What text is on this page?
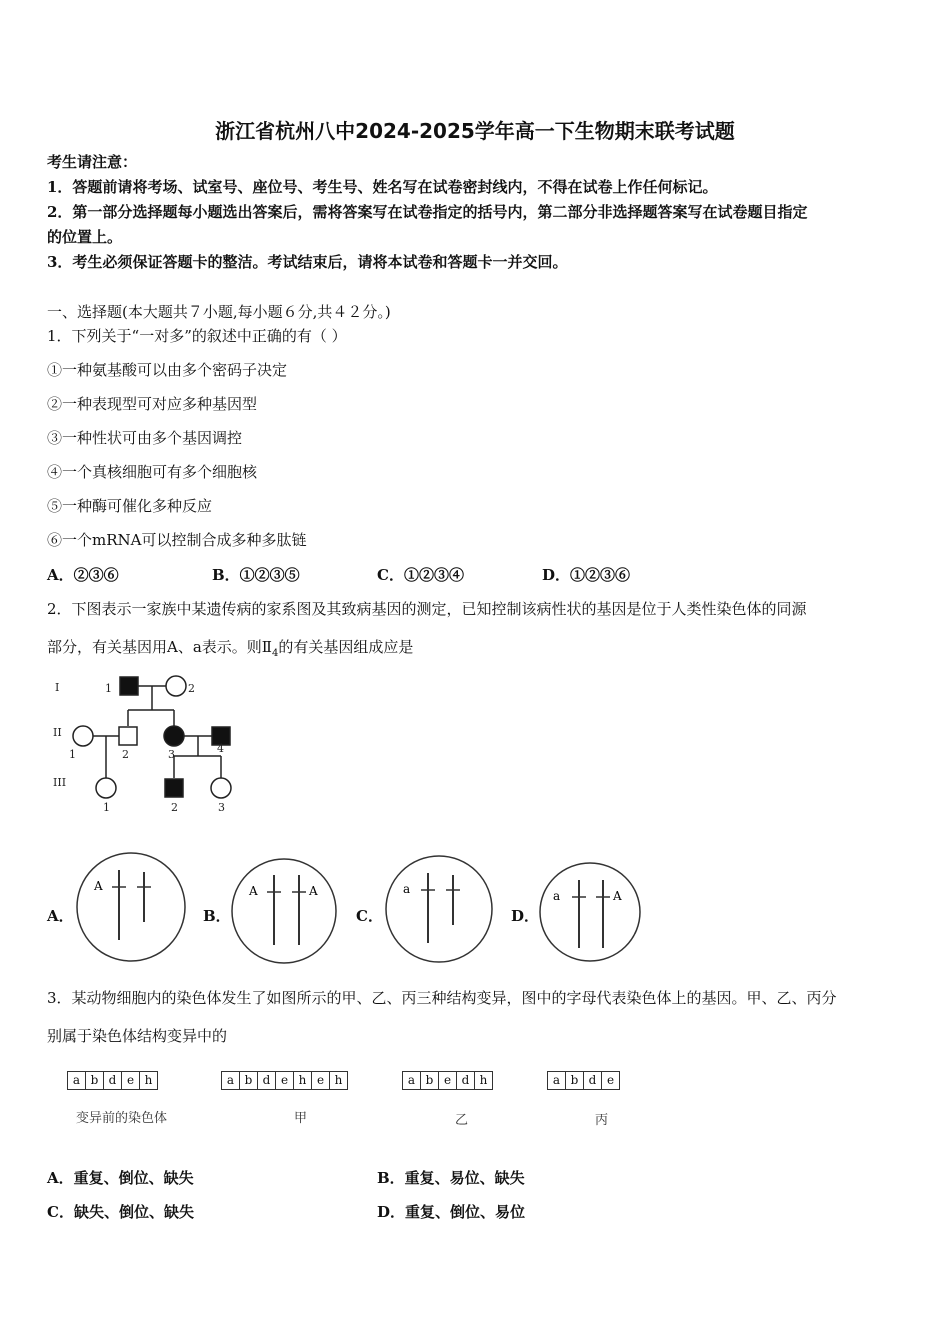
浙江省杭州八中2024-2025学年高一下生物期末联考试题
考生请注意：
1．答题前请将考场、试室号、座位号、考生号、姓名写在试卷密封线内，不得在试卷上作任何标记。
2．第一部分选择题每小题选出答案后，需将答案写在试卷指定的括号内，第二部分非选择题答案写在试卷题目指定
的位置上。
3．考生必须保证答题卡的整洁。考试结束后，请将本试卷和答题卡一并交回。
一、选择题(本大题共７小题,每小题６分,共４２分。)
1．下列关于“一对多”的叙述中正确的有（ ）
①一种氨基酸可以由多个密码子决定
②一种表现型可对应多种基因型
③一种性状可由多个基因调控
④一个真核细胞可有多个细胞核
⑤一种酶可催化多种反应
⑥一个mRNA可以控制合成多种多肽链
A．②③⑥	B．①②③⑤	C．①②③④	D．①②③⑥
2．下图表示一家族中某遗传病的家系图及其致病基因的测定，已知控制该病性状的基因是位于人类性染色体的同源
部分，有关基因用A、a表示。则$Ⅱ_4$的有关基因组成应是
I
II
III
1	2
1	2	3	4
1	2	3
A．
A
B．
A	A
C．
a
D．
a	A
3．某动物细胞内的染色体发生了如图所示的甲、乙、丙三种结构变异，图中的字母代表染色体上的基因。甲、乙、丙分
别属于染色体结构变异中的
a b d e h	a b d e h e h	a b e d h	a b d e
变异前的染色体	甲	乙	丙
A．重复、倒位、缺失	B．重复、易位、缺失
C．缺失、倒位、缺失	D．重复、倒位、易位
